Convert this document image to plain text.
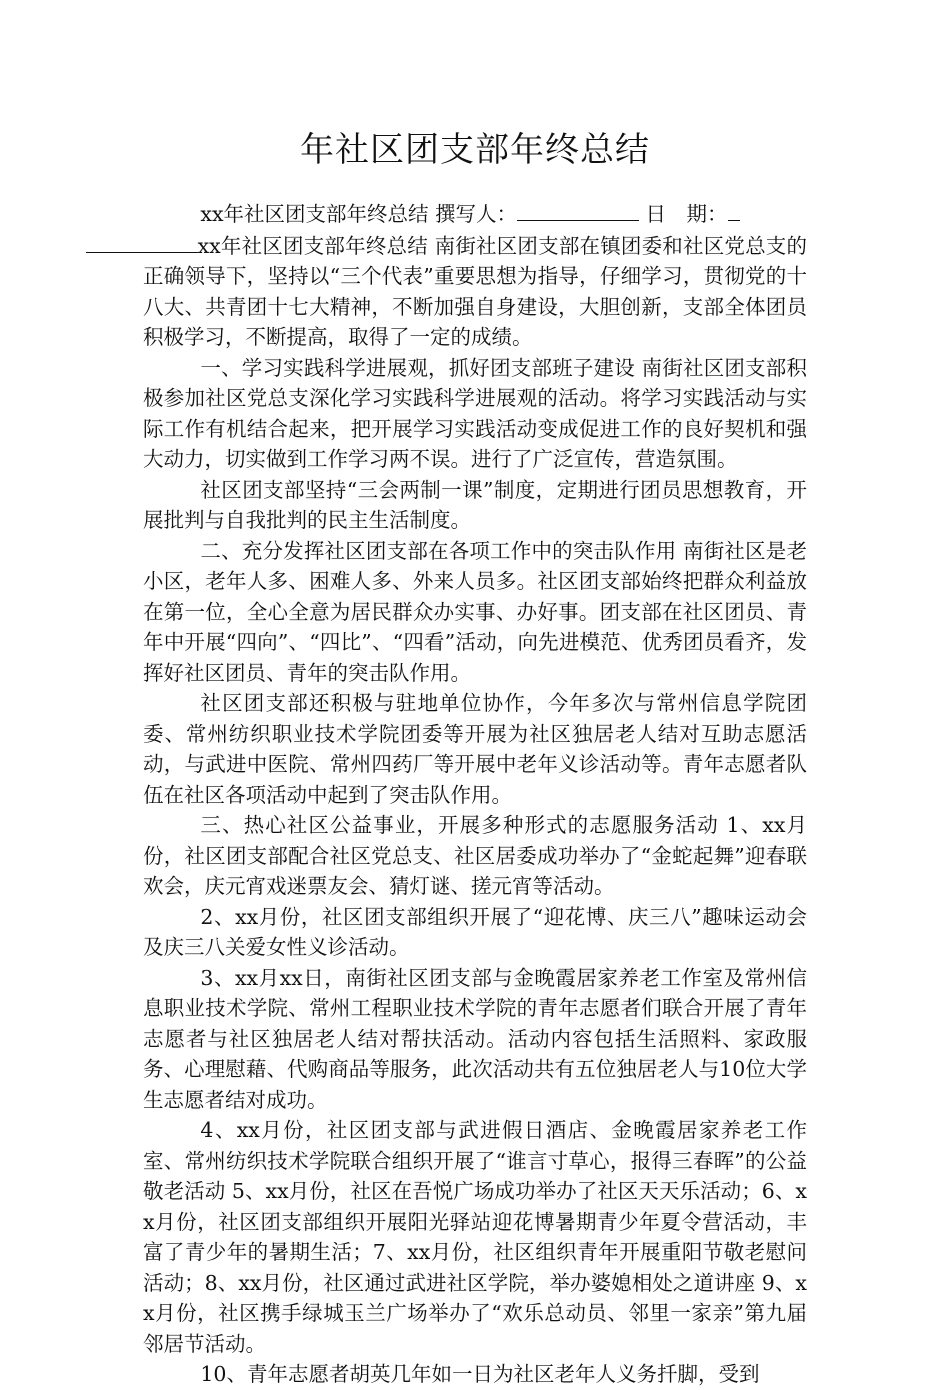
年社区团支部年终总结

xx年社区团支部年终总结 撰写人：	日　期：
xx年社区团支部年终总结 南街社区团支部在镇团委和社区党总支的正确领导下，坚持以“三个代表”重要思想为指导，仔细学习，贯彻党的十八大、共青团十七大精神，不断加强自身建设，大胆创新，支部全体团员积极学习，不断提高，取得了一定的成绩。

一、学习实践科学进展观，抓好团支部班子建设 南街社区团支部积极参加社区党总支深化学习实践科学进展观的活动。将学习实践活动与实际工作有机结合起来，把开展学习实践活动变成促进工作的良好契机和强大动力，切实做到工作学习两不误。进行了广泛宣传，营造氛围。

社区团支部坚持“三会两制一课”制度，定期进行团员思想教育，开展批判与自我批判的民主生活制度。

二、充分发挥社区团支部在各项工作中的突击队作用 南街社区是老小区，老年人多、困难人多、外来人员多。社区团支部始终把群众利益放在第一位，全心全意为居民群众办实事、办好事。团支部在社区团员、青年中开展“四向”、“四比”、“四看”活动，向先进模范、优秀团员看齐，发挥好社区团员、青年的突击队作用。

社区团支部还积极与驻地单位协作，今年多次与常州信息学院团委、常州纺织职业技术学院团委等开展为社区独居老人结对互助志愿活动，与武进中医院、常州四药厂等开展中老年义诊活动等。青年志愿者队伍在社区各项活动中起到了突击队作用。

三、热心社区公益事业，开展多种形式的志愿服务活动 1、xx月份，社区团支部配合社区党总支、社区居委成功举办了“金蛇起舞”迎春联欢会，庆元宵戏迷票友会、猜灯谜、搓元宵等活动。

2、xx月份，社区团支部组织开展了“迎花博、庆三八”趣味运动会及庆三八关爱女性义诊活动。

3、xx月xx日，南街社区团支部与金晚霞居家养老工作室及常州信息职业技术学院、常州工程职业技术学院的青年志愿者们联合开展了青年志愿者与社区独居老人结对帮扶活动。活动内容包括生活照料、家政服务、心理慰藉、代购商品等服务，此次活动共有五位独居老人与10位大学生志愿者结对成功。

4、xx月份，社区团支部与武进假日酒店、金晚霞居家养老工作室、常州纺织技术学院联合组织开展了“谁言寸草心，报得三春晖”的公益敬老活动 5、xx月份，社区在吾悦广场成功举办了社区天天乐活动；6、xx月份，社区团支部组织开展阳光驿站迎花博暑期青少年夏令营活动，丰富了青少年的暑期生活；7、xx月份，社区组织青年开展重阳节敬老慰问活动；8、xx月份，社区通过武进社区学院，举办婆媳相处之道讲座 9、xx月份，社区携手绿城玉兰广场举办了“欢乐总动员、邻里一家亲”第九届邻居节活动。

10、青年志愿者胡英几年如一日为社区老年人义务扦脚，受到
